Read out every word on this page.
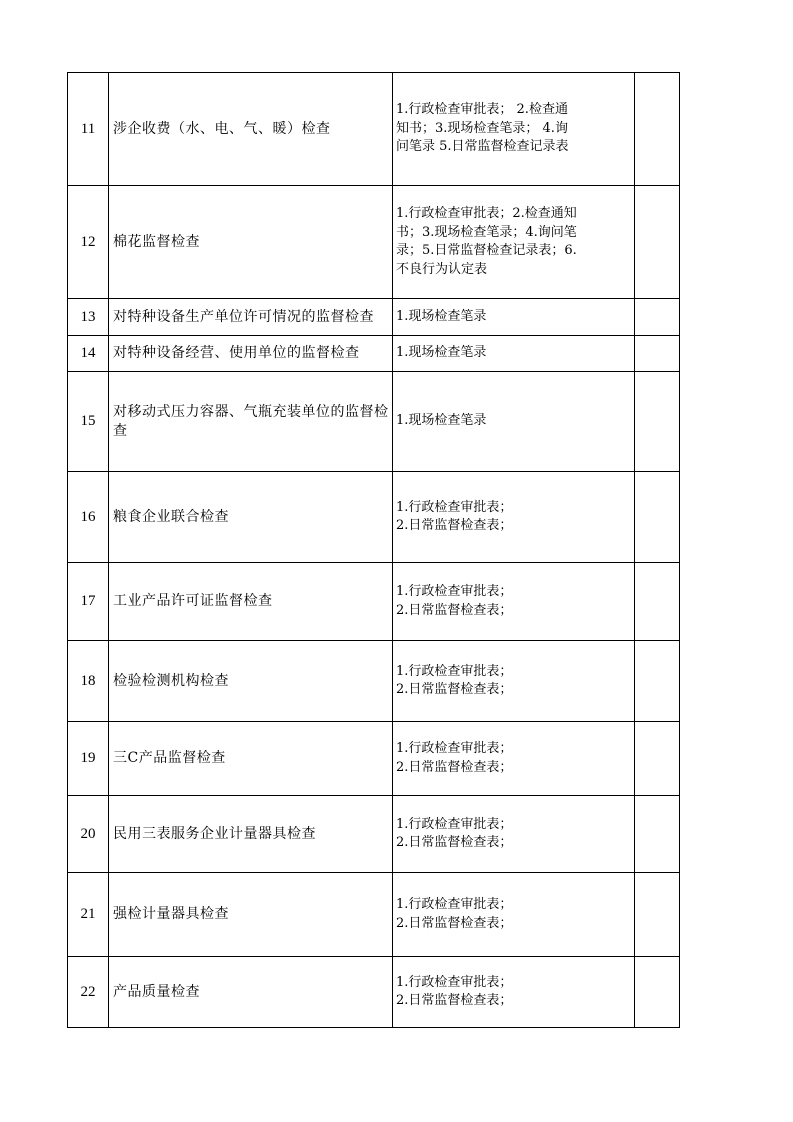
11	涉企收费（水、电、气、暖）检查	1.行政检查审批表； 2.检查通
知书；3.现场检查笔录； 4.询
问笔录 5.日常监督检查记录表	

12	棉花监督检查	1.行政检查审批表；2.检查通知
书；3.现场检查笔录；4.询问笔
录；5.日常监督检查记录表；6.
不良行为认定表	

13	对特种设备生产单位许可情况的监督检查	1.现场检查笔录	

14	对特种设备经营、使用单位的监督检查	1.现场检查笔录	

15	对移动式压力容器、气瓶充装单位的监督检查	1.现场检查笔录	

16	粮食企业联合检查	1.行政检查审批表；
2.日常监督检查表；	

17	工业产品许可证监督检查	1.行政检查审批表；
2.日常监督检查表；	

18	检验检测机构检查	1.行政检查审批表；
2.日常监督检查表；	

19	三C产品监督检查	1.行政检查审批表；
2.日常监督检查表；	

20	民用三表服务企业计量器具检查	1.行政检查审批表；
2.日常监督检查表；	

21	强检计量器具检查	1.行政检查审批表；
2.日常监督检查表；	

22	产品质量检查	1.行政检查审批表；
2.日常监督检查表；	
